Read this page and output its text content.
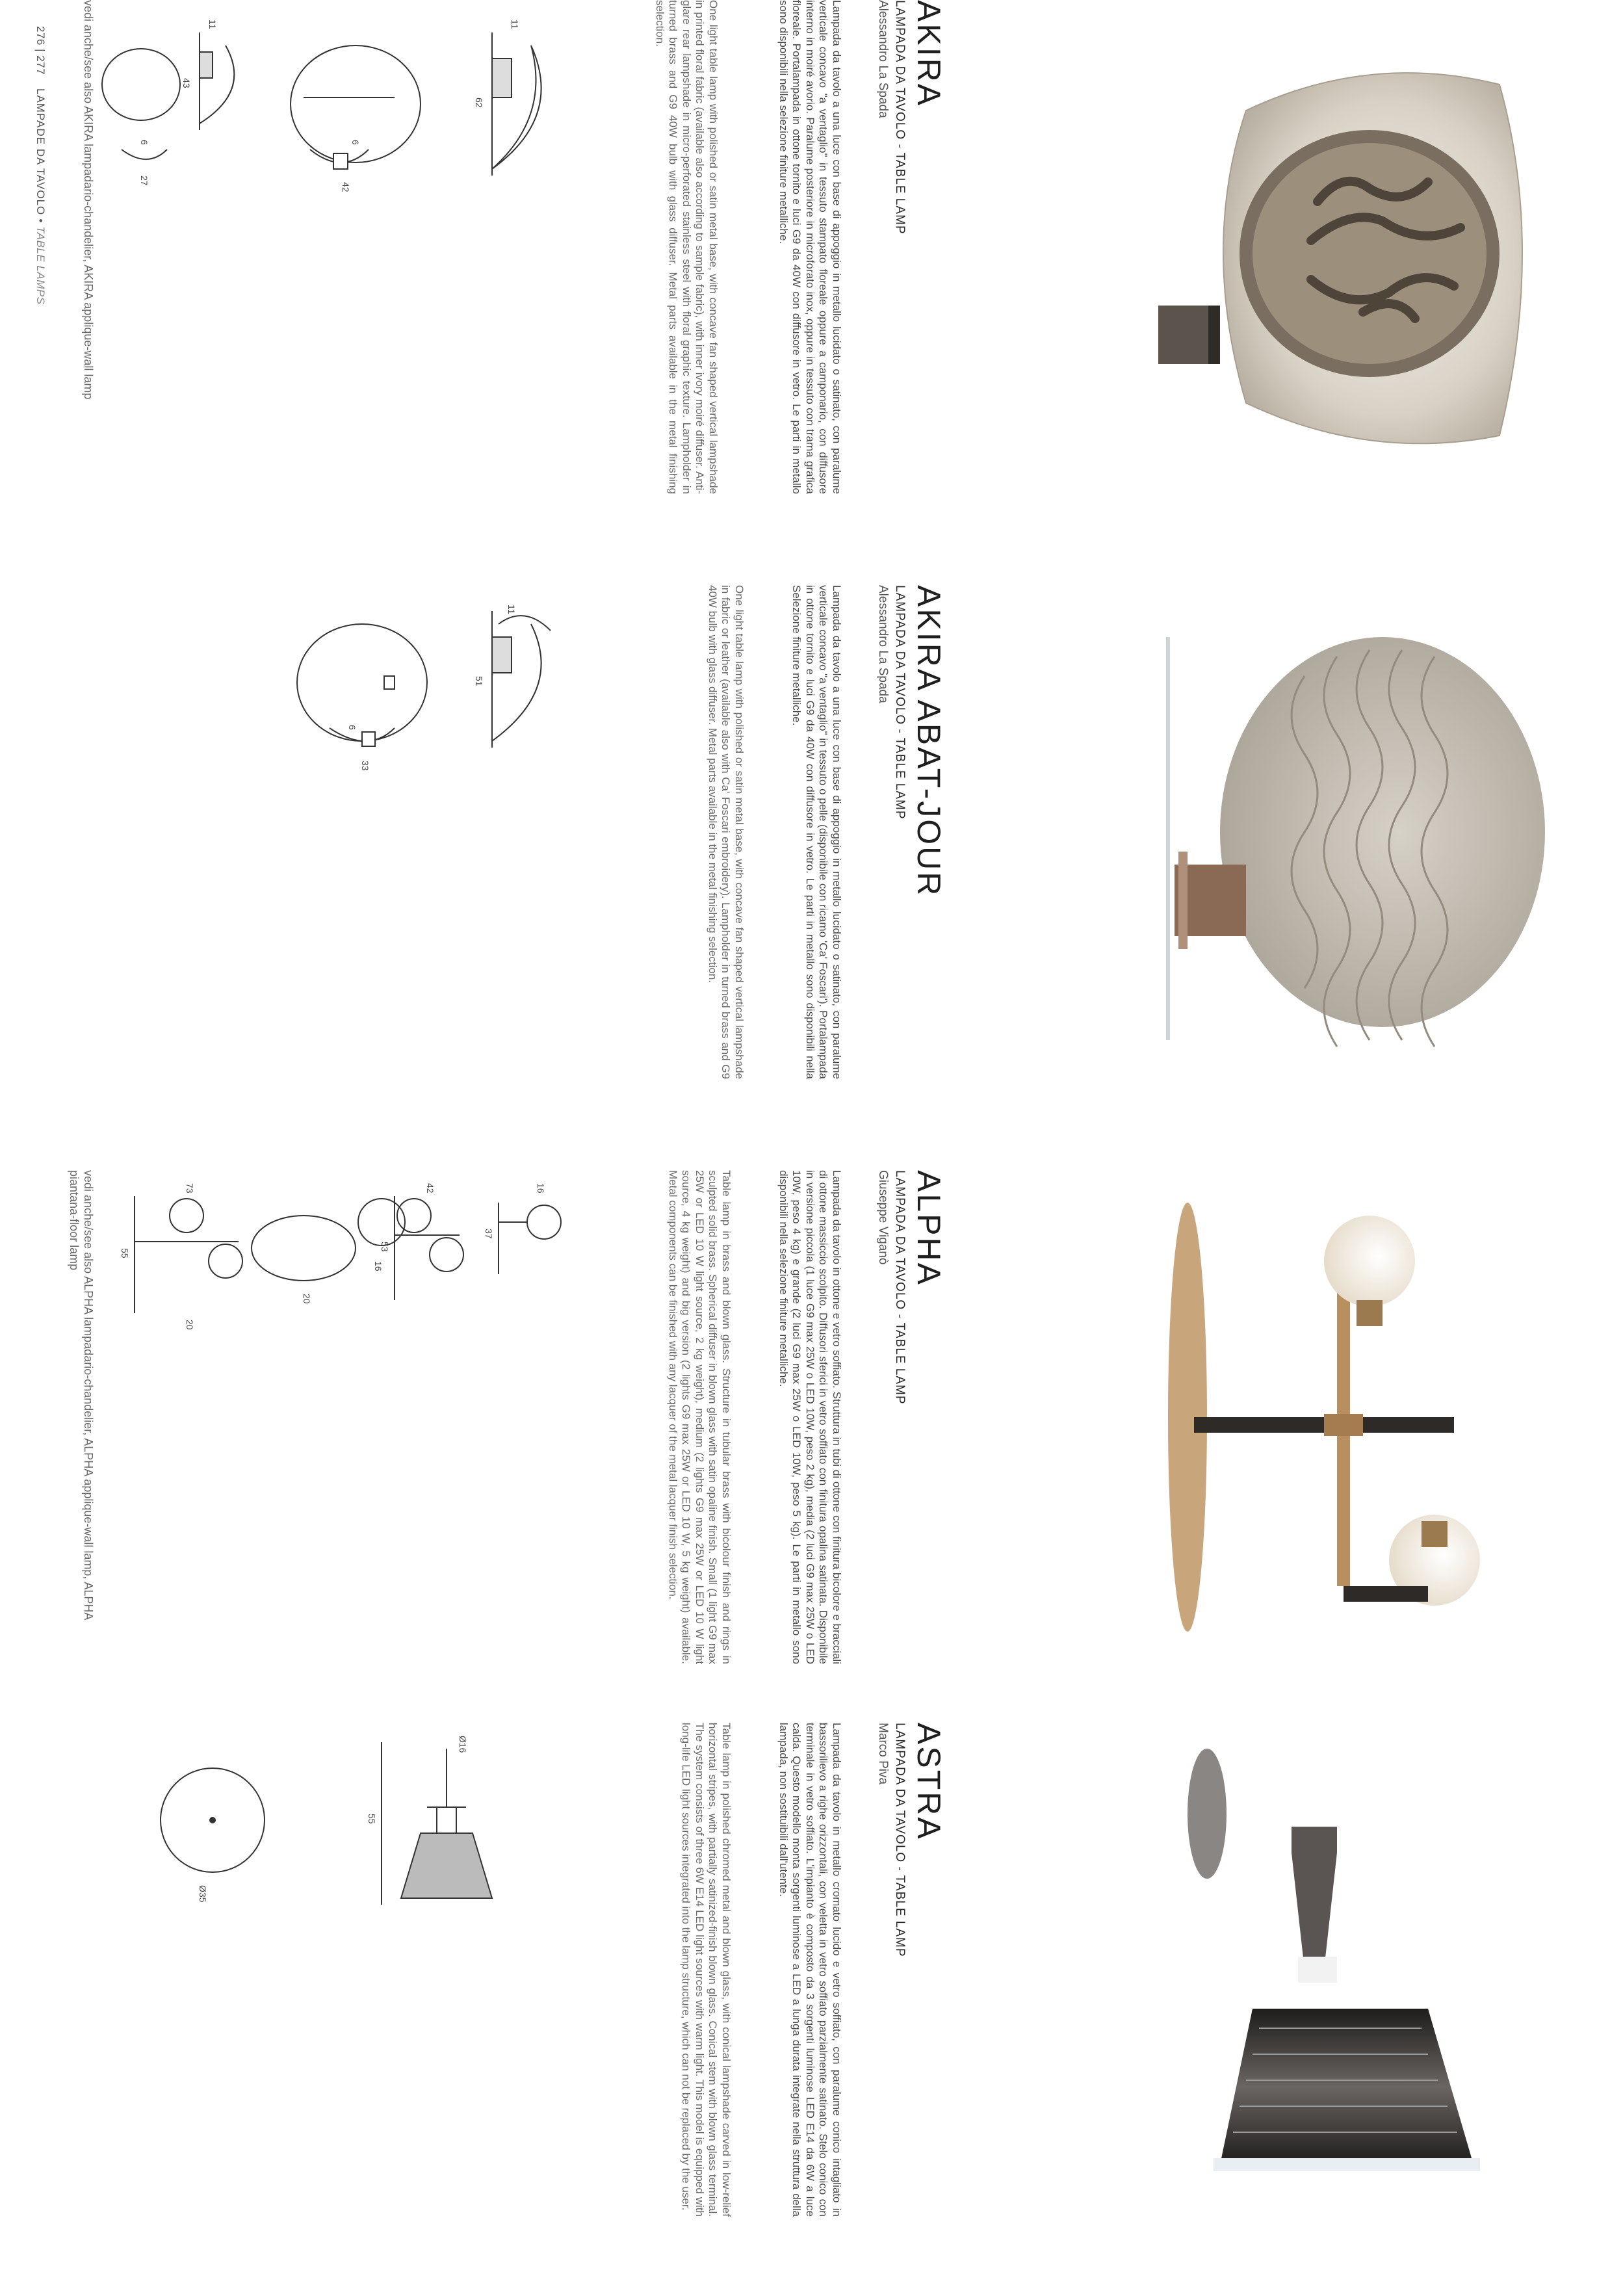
AKIRA
LAMPADA DA TAVOLO - TABLE LAMP
Alessandro La Spada
Lampada da tavolo a una luce con base di appoggio in metallo lucidato o satinato, con paralume verticale concavo "a ventaglio" in tessuto stampato floreale oppure a camponario, con diffusore interno in moiré avorio. Paralume posteriore in microforato inox, oppure in tessuto con trama grafica floreale. Portalampada in ottone tornito e luci G9 da 40W con diffusore in vetro. Le parti in metallo sono disponibili nella selezione finiture metalliche.
One light table lamp with polished or satin metal base, with concave fan shaped vertical lampshade in printed floral fabric (available also according to sample fabric), with inner ivory moiré diffuser. Anti-glare rear lampshade in micro-perforated stainless steel with floral graphic texture. Lampholder in turned brass and G9 40W bulb with glass diffuser. Metal parts available in the metal finishing selection.
11
62
42
6
11
43
27
6
vedi anche/see also AKIRA lampadario-chandelier, AKIRA applique-wall lamp
AKIRA ABAT-JOUR
LAMPADA DA TAVOLO - TABLE LAMP
Alessandro La Spada
Lampada da tavolo a una luce con base di appoggio in metallo lucidato o satinato, con paralume verticale concavo "a ventaglio" in tessuto o pelle (disponibile con ricamo 'Ca' Foscari'). Portalampada in ottone tornito e luci G9 da 40W con diffusore in vetro. Le parti in metallo sono disponibili nella Selezione finiture metalliche.
One light table lamp with polished or satin metal base, with concave fan shaped vertical lampshade in fabric or leather (available also with Ca' Foscari embroidery). Lampholder in turned brass and G9 40W bulb with glass diffuser. Metal parts available in the metal finishing selection.
11
51
33
6
ALPHA
LAMPADA DA TAVOLO - TABLE LAMP
Giuseppe Viganò
Lampada da tavolo in ottone e vetro soffiato. Struttura in tubi di ottone con finitura bicolore e bracciali di ottone massiccio scolpito. Diffusori sferici in vetro soffiato con finitura opalina satinata. Disponibile in versione piccola (1 luce G9 max 25W o LED 10W, peso 2 kg), media (2 luci G9 max 25W o LED 10W, peso 4 kg) e grande (2 luci G9 max 25W o LED 10W, peso 5 kg). Le parti in metallo sono disponibili nella selezione finiture metalliche.
Table lamp in brass and blown glass. Structure in tubular brass with bicolour finish and rings in sculpted solid brass. Spherical diffuser in blown glass with satin opaline finish. Small (1 light G9 max 25W or LED 10 W light source, 2 kg weight), medium (2 lights G9 max 25W or LED 10 W light source, 4 kg weight) and big version (2 lights G9 max 25W or LED 10 W, 5 kg weight) available. Metal components can be finished with any lacquer of the metal lacquer finish selection.
16
37
16
42
53
20
73
55
20
vedi anche/see also ALPHA lampadario-chandelier, ALPHA applique-wall lamp, ALPHA piantana-floor lamp
ASTRA
LAMPADA DA TAVOLO - TABLE LAMP
Marco Piva
Lampada da tavolo in metallo cromato lucido e vetro soffiato, con paralume conico intagliato in bassorilievo a righe orizzontali, con veletta in vetro soffiato parzialmente satinato. Stelo conico con terminale in vetro soffiato. L'impianto è composto da 3 sorgenti luminose LED E14 da 6W a luce calda. Questo modello monta sorgenti luminose a LED a lunga durata integrate nella struttura della lampada, non sostituibili dall'utente.
Table lamp in polished chromed metal and blown glass, with conical lampshade carved in low-relief horizontal stripes, with partially satinized-finish blown glass. Conical stem with blown glass terminal. The system consists of three 6W E14 LED light sources with warm light. This model is equipped with long-life LED light sources integrated into the lamp structure, which can not be replaced by the user.
Ø16
55
Ø35
276 | 277    LAMPADE DA TAVOLO • TABLE LAMPS
